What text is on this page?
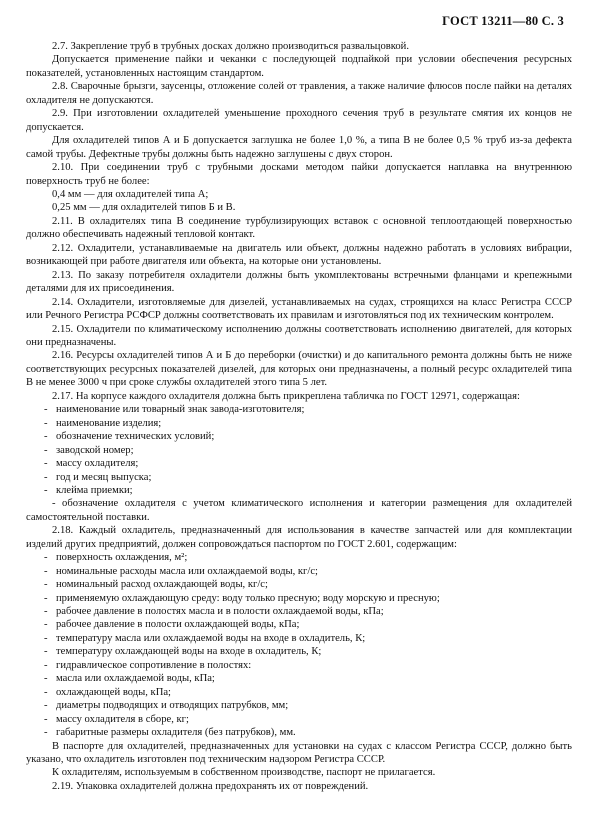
ГОСТ 13211—80 С. 3

2.7. Закрепление труб в трубных досках должно производиться развальцовкой.

Допускается применение пайки и чеканки с последующей подпайкой при условии обеспечения ресурсных показателей, установленных настоящим стандартом.

2.8. Сварочные брызги, заусенцы, отложение солей от травления, а также наличие флюсов после пайки на деталях охладителя не допускаются.

2.9. При изготовлении охладителей уменьшение проходного сечения труб в результате смятия их концов не допускается.

Для охладителей типов А и Б допускается заглушка не более 1,0 %, а типа В не более 0,5 % труб из-за дефекта самой трубы. Дефектные трубы должны быть надежно заглушены с двух сторон.

2.10. При соединении труб с трубными досками методом пайки допускается наплавка на внутреннюю поверхность труб не более:

0,4 мм — для охладителей типа А;

0,25 мм — для охладителей типов Б и В.

2.11. В охладителях типа В соединение турбулизирующих вставок с основной теплоотдающей поверхностью должно обеспечивать надежный тепловой контакт.

2.12. Охладители, устанавливаемые на двигатель или объект, должны надежно работать в условиях вибрации, возникающей при работе двигателя или объекта, на которые они установлены.

2.13. По заказу потребителя охладители должны быть укомплектованы встречными фланцами и крепежными деталями для их присоединения.

2.14. Охладители, изготовляемые для дизелей, устанавливаемых на судах, строящихся на класс Регистра СССР или Речного Регистра РСФСР должны соответствовать их правилам и изготовляться под их техническим контролем.

2.15. Охладители по климатическому исполнению должны соответствовать исполнению двигателей, для которых они предназначены.

2.16. Ресурсы охладителей типов А и Б до переборки (очистки) и до капитального ремонта должны быть не ниже соответствующих ресурсных показателей дизелей, для которых они предназначены, а полный ресурс охладителей типа В не менее 3000 ч при сроке службы охладителей этого типа 5 лет.

2.17. На корпусе каждого охладителя должна быть прикреплена табличка по ГОСТ 12971, содержащая:

- наименование или товарный знак завода-изготовителя;

- наименование изделия;

- обозначение технических условий;

- заводской номер;

- массу охладителя;

- год и месяц выпуска;

- клейма приемки;

- обозначение охладителя с учетом климатического исполнения и категории размещения для охладителей самостоятельной поставки.

2.18. Каждый охладитель, предназначенный для использования в качестве запчастей или для комплектации изделий других предприятий, должен сопровождаться паспортом по ГОСТ 2.601, содержащим:

- поверхность охлаждения, м²;

- номинальные расходы масла или охлаждаемой воды, кг/с;

- номинальный расход охлаждающей воды, кг/с;

- применяемую охлаждающую среду: воду только пресную; воду морскую и пресную;

- рабочее давление в полостях масла и в полости охлаждаемой воды, кПа;

- рабочее давление в полости охлаждающей воды, кПа;

- температуру масла или охлаждаемой воды на входе в охладитель, К;

- температуру охлаждающей воды на входе в охладитель, К;

- гидравлическое сопротивление в полостях:

- масла или охлаждаемой воды, кПа;

- охлаждающей воды, кПа;

- диаметры подводящих и отводящих патрубков, мм;

- массу охладителя в сборе, кг;

- габаритные размеры охладителя (без патрубков), мм.

В паспорте для охладителей, предназначенных для установки на судах с классом Регистра СССР, должно быть указано, что охладитель изготовлен под техническим надзором Регистра СССР.

К охладителям, используемым в собственном производстве, паспорт не прилагается.

2.19. Упаковка охладителей должна предохранять их от повреждений.
